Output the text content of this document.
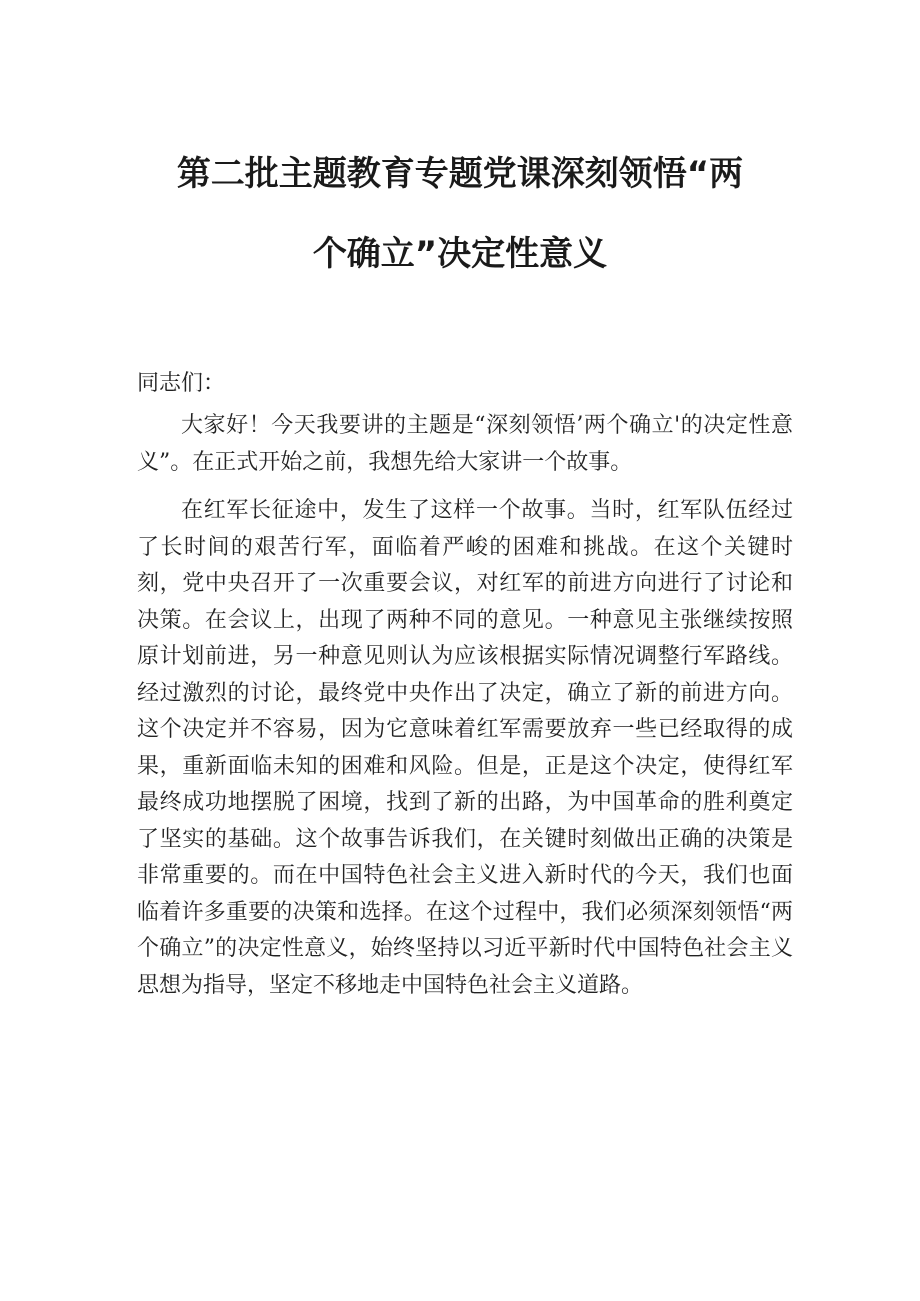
第二批主题教育专题党课深刻领悟“两
个确立”决定性意义
同志们：

大家好！今天我要讲的主题是“深刻领悟’两个确立'的决定性意义”。在正式开始之前，我想先给大家讲一个故事。

在红军长征途中，发生了这样一个故事。当时，红军队伍经过了长时间的艰苦行军，面临着严峻的困难和挑战。在这个关键时刻，党中央召开了一次重要会议，对红军的前进方向进行了讨论和决策。在会议上，出现了两种不同的意见。一种意见主张继续按照原计划前进，另一种意见则认为应该根据实际情况调整行军路线。经过激烈的讨论，最终党中央作出了决定，确立了新的前进方向。这个决定并不容易，因为它意味着红军需要放弃一些已经取得的成果，重新面临未知的困难和风险。但是，正是这个决定，使得红军最终成功地摆脱了困境，找到了新的出路，为中国革命的胜利奠定了坚实的基础。这个故事告诉我们，在关键时刻做出正确的决策是非常重要的。而在中国特色社会主义进入新时代的今天，我们也面临着许多重要的决策和选择。在这个过程中，我们必须深刻领悟“两个确立”的决定性意义，始终坚持以习近平新时代中国特色社会主义思想为指导，坚定不移地走中国特色社会主义道路。
